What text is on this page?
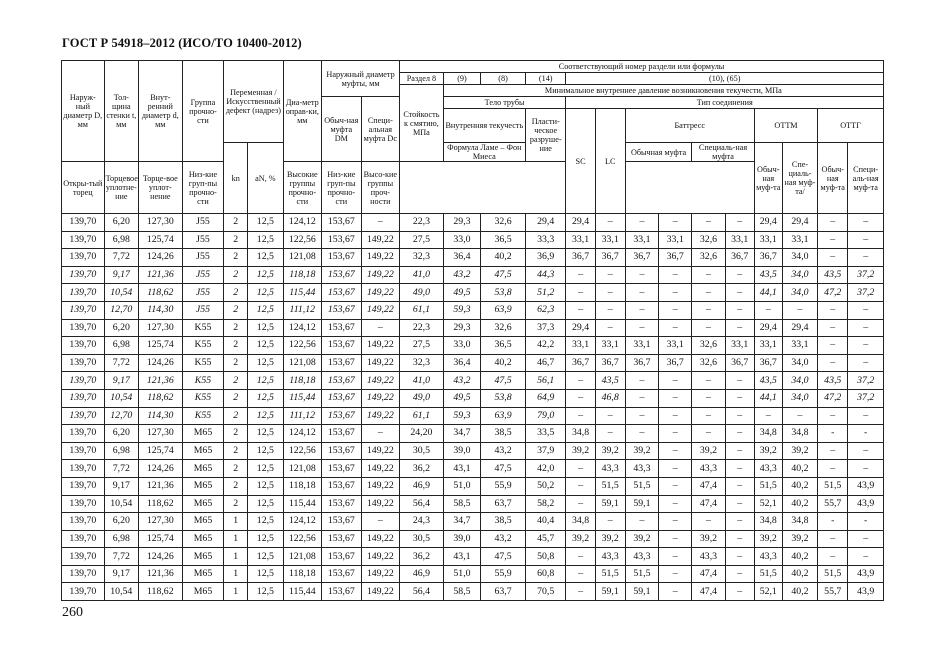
ГОСТ Р 54918–2012 (ИСО/ТО 10400-2012)
Наруж-ный диаметр D, мм	Тол-щина стенки t, мм	Внут-ренний диаметр d, мм	Группа прочно-сти	Переменная /Искусственный дефект (надрез)		Диа-метр оправ-ки, мм	Наружный диаметр муфты, мм		Соответствующий номер раздели или формулы													
									Раздел 8	(9)	(8)	(14)	(10), (65)									
									Стойкость к смятию, МПа	Минимальное внутреннее давление возникновения текучести, МПа												
							Обыч-ная муфта DM	Специ-альная муфта Dc		Тело трубы			Тип соединения									
										Внутренняя текучесть		Пласти-ческое разруше-ние	SC	LC	Баттресс				ОТТМ		ОТТГ	
				kn	aN, %					Формула Ламе – Фон Миеса					Обычная муфта		Специаль-ная муфта		Обыч-ная муф-та	Спе-циаль-ная муф-та/	Обыч-ная муф-та	Специ-аль-ная муф-та
Откры-тый торец	Торцевое уплотне-ние	Торце-вое уплот-нение	Низ-кие груп-пы прочно-сти			Высокие группы прочно-сти	Низ-кие груп-пы прочно-сти	Высо-кие группы проч-ности														
139,70	6,20	127,30	J55	2	12,5	124,12	153,67	–	22,3	29,3	32,6	29,4	29,4	–	–	–	–	–	29,4	29,4	–	–
139,70	6,98	125,74	J55	2	12,5	122,56	153,67	149,22	27,5	33,0	36,5	33,3	33,1	33,1	33,1	33,1	32,6	33,1	33,1	33,1	–	–
139,70	7,72	124,26	J55	2	12,5	121,08	153,67	149,22	32,3	36,4	40,2	36,9	36,7	36,7	36,7	36,7	32,6	36,7	36,7	34,0	–	–
139,70	9,17	121,36	J55	2	12,5	118,18	153,67	149,22	41,0	43,2	47,5	44,3	–	–	–	–	–	–	43,5	34,0	43,5	37,2
139,70	10,54	118,62	J55	2	12,5	115,44	153,67	149,22	49,0	49,5	53,8	51,2	–	–	–	–	–	–	44,1	34,0	47,2	37,2
139,70	12,70	114,30	J55	2	12,5	111,12	153,67	149,22	61,1	59,3	63,9	62,3	–	–	–	–	–	–	–	–	–	–
139,70	6,20	127,30	K55	2	12,5	124,12	153,67	–	22,3	29,3	32,6	37,3	29,4	–	–	–	–	–	29,4	29,4	–	–
139,70	6,98	125,74	K55	2	12,5	122,56	153,67	149,22	27,5	33,0	36,5	42,2	33,1	33,1	33,1	33,1	32,6	33,1	33,1	33,1	–	–
139,70	7,72	124,26	K55	2	12,5	121,08	153,67	149,22	32,3	36,4	40,2	46,7	36,7	36,7	36,7	36,7	32,6	36,7	36,7	34,0	–	–
139,70	9,17	121,36	K55	2	12,5	118,18	153,67	149,22	41,0	43,2	47,5	56,1	–	43,5	–	–	–	–	43,5	34,0	43,5	37,2
139,70	10,54	118,62	K55	2	12,5	115,44	153,67	149,22	49,0	49,5	53,8	64,9	–	46,8	–	–	–	–	44,1	34,0	47,2	37,2
139,70	12,70	114,30	K55	2	12,5	111,12	153,67	149,22	61,1	59,3	63,9	79,0	–	–	–	–	–	–	–	–	–	–
139,70	6,20	127,30	M65	2	12,5	124,12	153,67	–	24,20	34,7	38,5	33,5	34,8	–	–	–	–	–	34,8	34,8	-	-
139,70	6,98	125,74	M65	2	12,5	122,56	153,67	149,22	30,5	39,0	43,2	37,9	39,2	39,2	39,2	–	39,2	–	39,2	39,2	–	–
139,70	7,72	124,26	M65	2	12,5	121,08	153,67	149,22	36,2	43,1	47,5	42,0	–	43,3	43,3	–	43,3	–	43,3	40,2	–	–
139,70	9,17	121,36	M65	2	12,5	118,18	153,67	149,22	46,9	51,0	55,9	50,2	–	51,5	51,5	–	47,4	–	51,5	40,2	51,5	43,9
139,70	10,54	118,62	M65	2	12,5	115,44	153,67	149,22	56,4	58,5	63,7	58,2	–	59,1	59,1	–	47,4	–	52,1	40,2	55,7	43,9
139,70	6,20	127,30	M65	1	12,5	124,12	153,67	–	24,3	34,7	38,5	40,4	34,8	–	–	–	–	–	34,8	34,8	-	-
139,70	6,98	125,74	M65	1	12,5	122,56	153,67	149,22	30,5	39,0	43,2	45,7	39,2	39,2	39,2	–	39,2	–	39,2	39,2	–	–
139,70	7,72	124,26	M65	1	12,5	121,08	153,67	149,22	36,2	43,1	47,5	50,8	–	43,3	43,3	–	43,3	–	43,3	40,2	–	–
139,70	9,17	121,36	M65	1	12,5	118,18	153,67	149,22	46,9	51,0	55,9	60,8	–	51,5	51,5	–	47,4	–	51,5	40,2	51,5	43,9
139,70	10,54	118,62	M65	1	12,5	115,44	153,67	149,22	56,4	58,5	63,7	70,5	–	59,1	59,1	–	47,4	–	52,1	40,2	55,7	43,9
260
